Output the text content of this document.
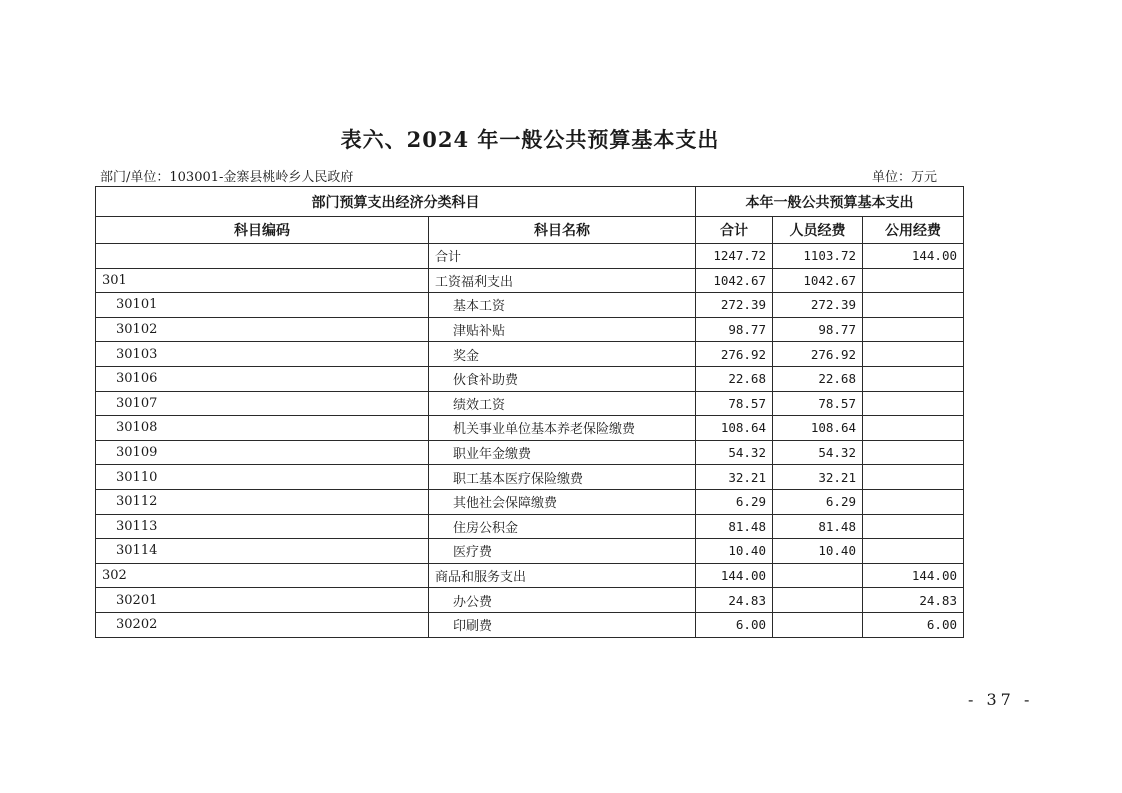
表六、2024 年一般公共预算基本支出
部门/单位：103001-金寨县桃岭乡人民政府	单位：万元
部门预算支出经济分类科目		本年一般公共预算基本支出		
科目编码	科目名称	合计	人员经费	公用经费
	合计	1247.72	1103.72	144.00
301	工资福利支出	1042.67	1042.67	
30101	基本工资	272.39	272.39	
30102	津贴补贴	98.77	98.77	
30103	奖金	276.92	276.92	
30106	伙食补助费	22.68	22.68	
30107	绩效工资	78.57	78.57	
30108	机关事业单位基本养老保险缴费	108.64	108.64	
30109	职业年金缴费	54.32	54.32	
30110	职工基本医疗保险缴费	32.21	32.21	
30112	其他社会保障缴费	6.29	6.29	
30113	住房公积金	81.48	81.48	
30114	医疗费	10.40	10.40	
302	商品和服务支出	144.00		144.00
30201	办公费	24.83		24.83
30202	印刷费	6.00		6.00
- 37 -
